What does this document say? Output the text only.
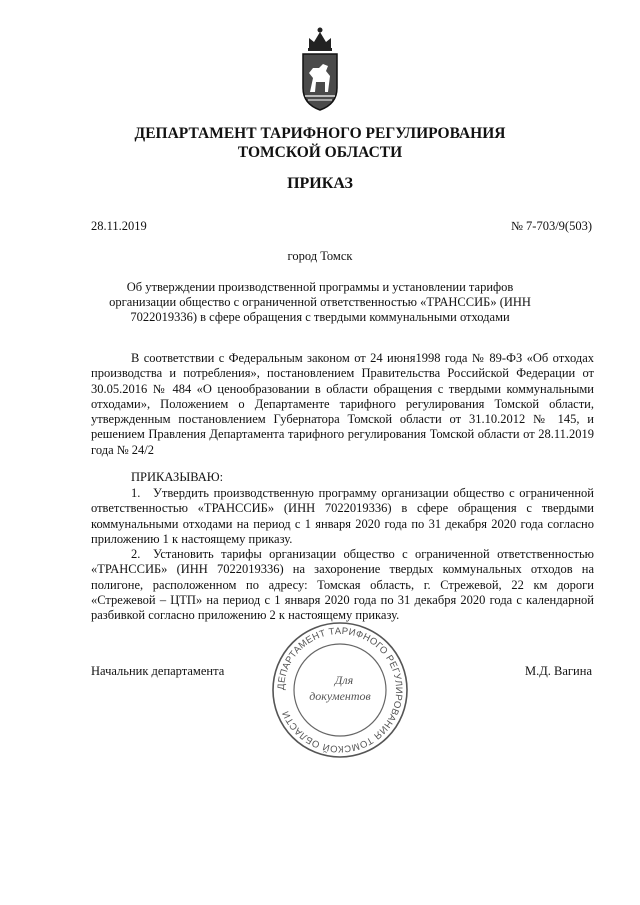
ДЕПАРТАМЕНТ ТАРИФНОГО РЕГУЛИРОВАНИЯ
ТОМСКОЙ ОБЛАСТИ
ПРИКАЗ
28.11.2019	№ 7-703/9(503)
город Томск
Об утверждении производственной программы и установлении тарифов организации общество с ограниченной ответственностью «ТРАНССИБ» (ИНН 7022019336) в сфере обращения с твердыми коммунальными отходами

В соответствии с Федеральным законом от 24 июня1998 года № 89-ФЗ «Об отходах производства и потребления», постановлением Правительства Российской Федерации от 30.05.2016 № 484 «О ценообразовании в области обращения с твердыми коммунальными отходами», Положением о Департаменте тарифного регулирования Томской области, утвержденным постановлением Губернатора Томской области от 31.10.2012 № 145, и решением Правления Департамента тарифного регулирования Томской области от 28.11.2019 года № 24/2

ПРИКАЗЫВАЮ:

1. Утвердить производственную программу организации общество с ограниченной ответственностью «ТРАНССИБ» (ИНН 7022019336) в сфере обращения с твердыми коммунальными отходами на период с 1 января 2020 года по 31 декабря 2020 года согласно приложению 1 к настоящему приказу.

2. Установить тарифы организации общество с ограниченной ответственностью «ТРАНССИБ» (ИНН 7022019336) на захоронение твердых коммунальных отходов на полигоне, расположенном по адресу: Томская область, г. Стрежевой, 22 км дороги «Стрежевой – ЦТП» на период с 1 января 2020 года по 31 декабря 2020 года с календарной разбивкой согласно приложению 2 к настоящему приказу.

Начальник департамента	М.Д. Вагина
ДЕПАРТАМЕНТ ТАРИФНОГО РЕГУЛИРОВАНИЯ ТОМСКОЙ ОБЛАСТИ
Для
документов
